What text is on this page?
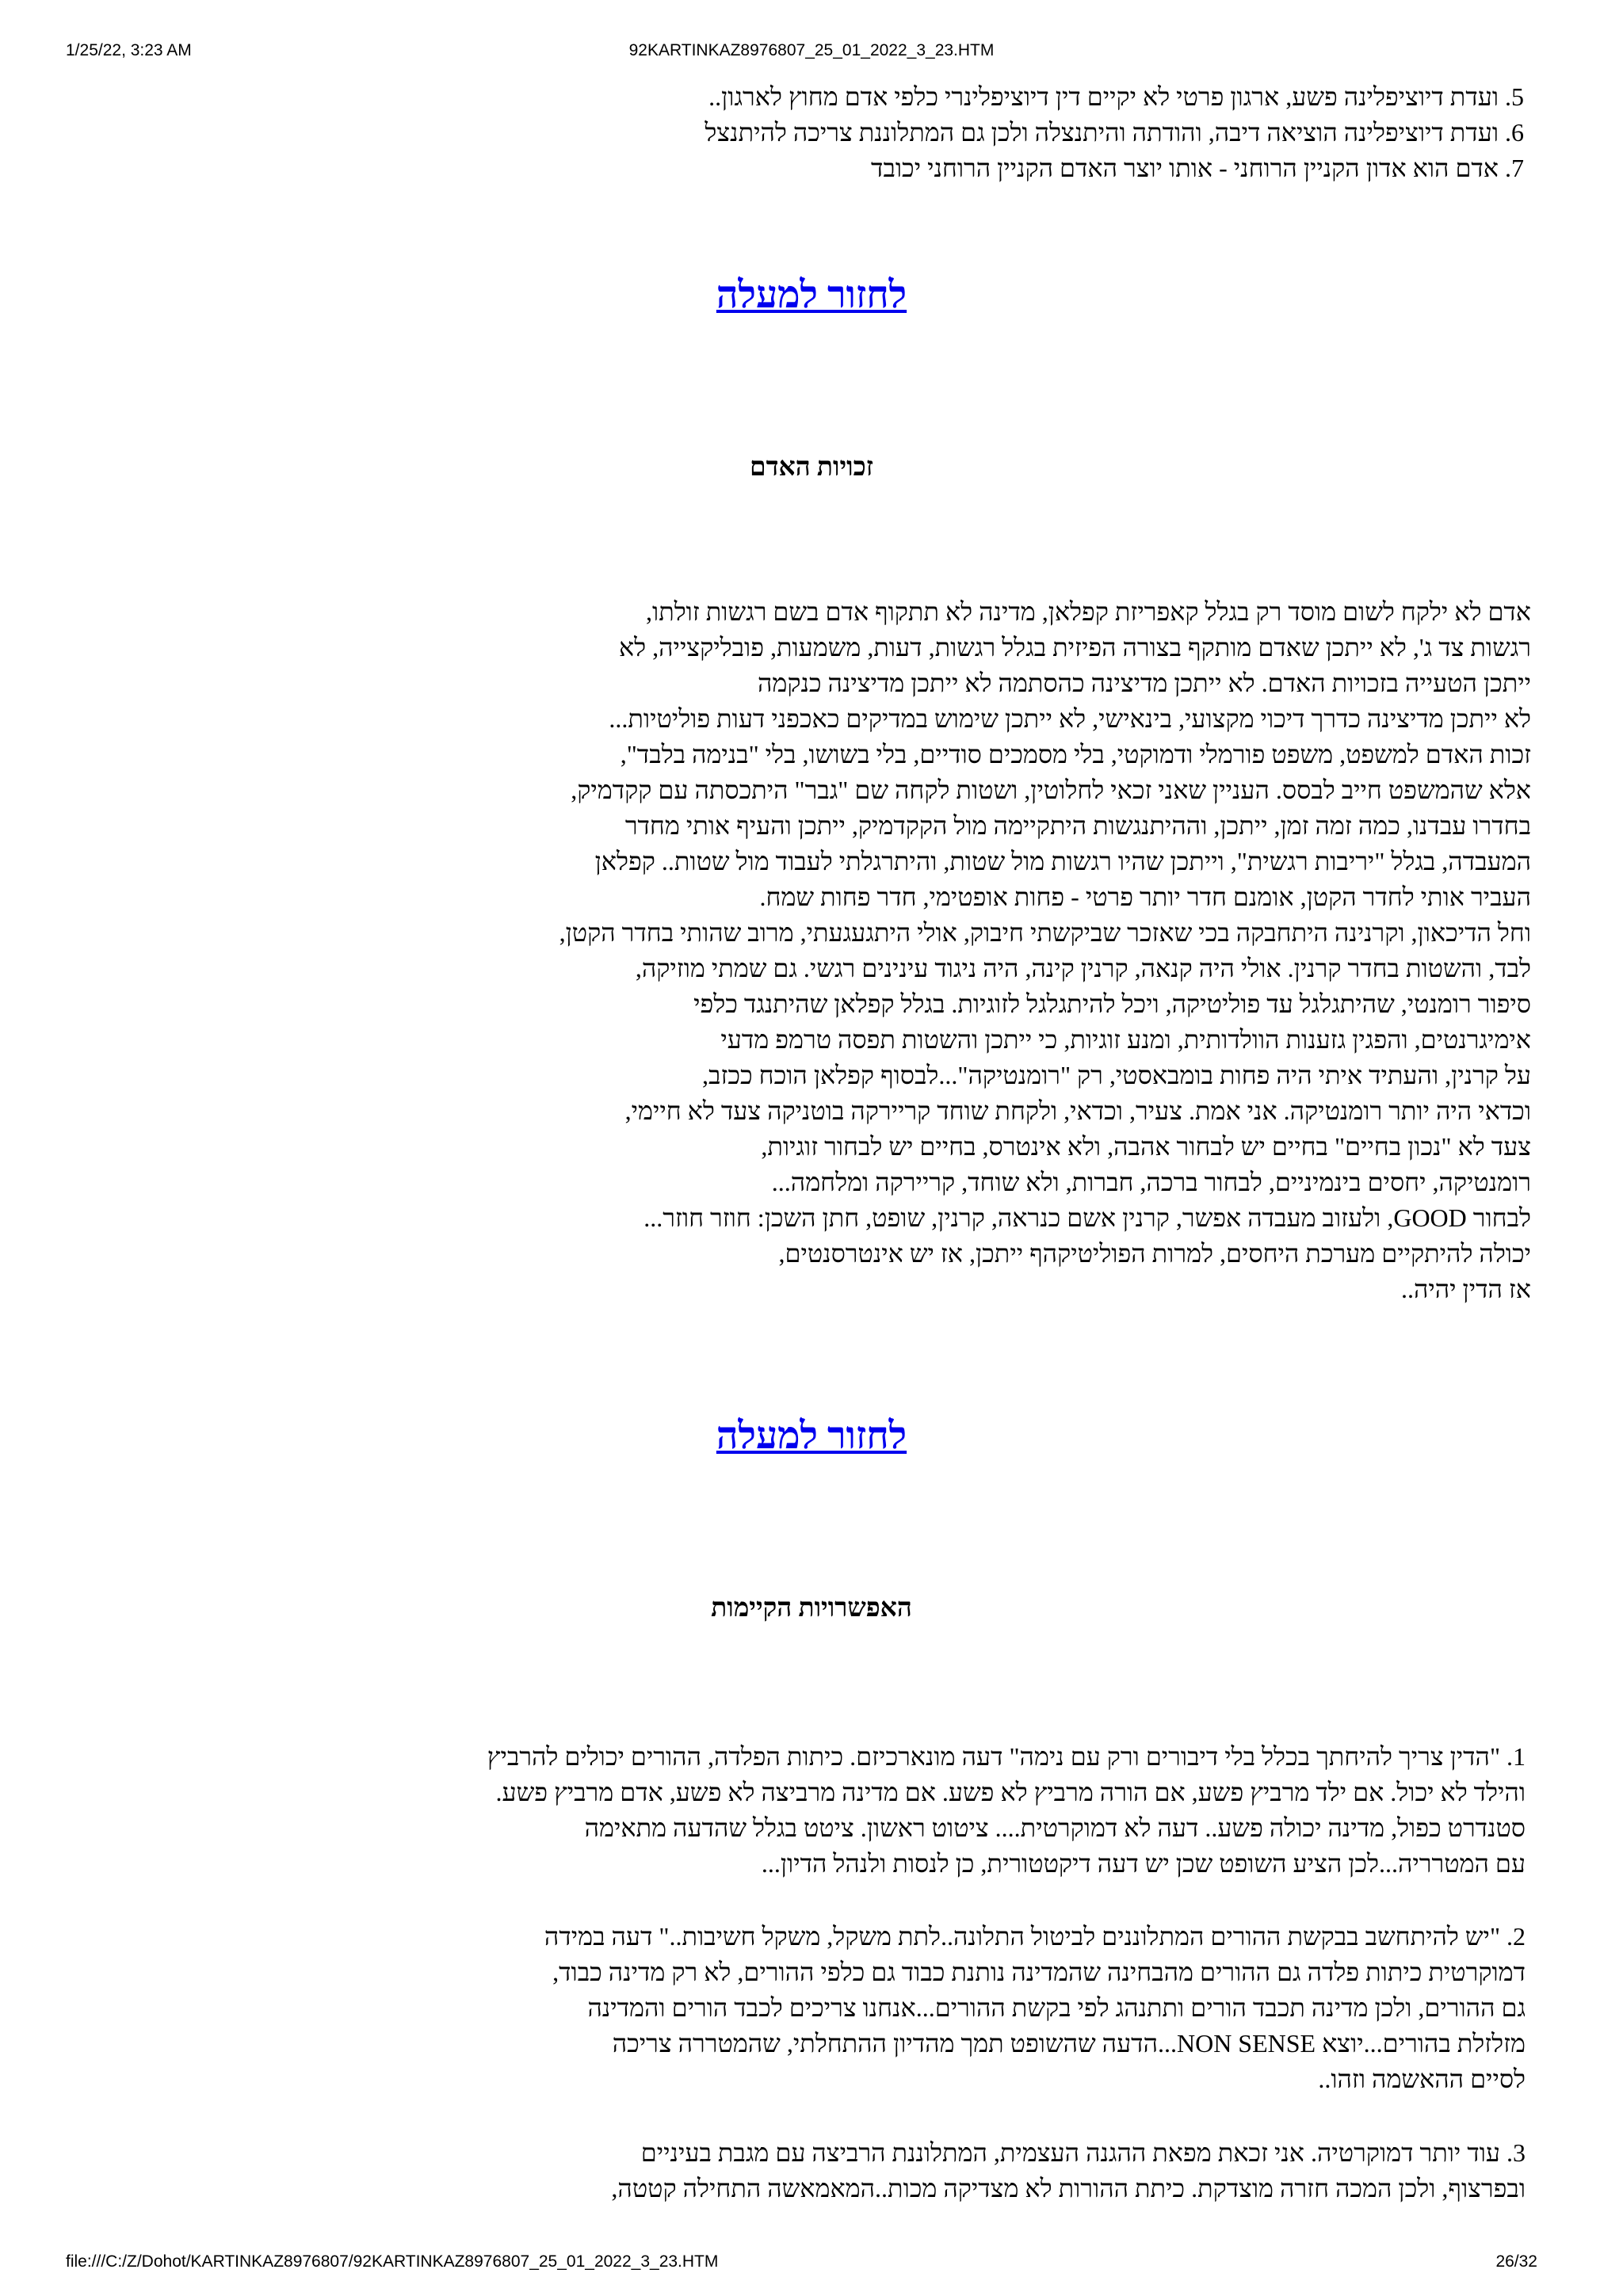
1/25/22, 3:23 AM	92KARTINKAZ8976807_25_01_2022_3_23.HTM
5. ועדת דיוציפלינה פשע, ארגון פרטי לא יקיים דין דיוציפלינרי כלפי אדם מחוץ לארגון..
6. ועדת דיוציפלינה הוציאה דיבה, והודתה והיתנצלה ולכן גם המתלוננת צריכה להיתנצל
7. אדם הוא אדון הקניין הרוחני - אותו יוצר האדם הקניין הרוחני יכובד
לחזור למעלה
זכויות האדם
אדם לא ילקח לשום מוסד רק בגלל קאפריזת קפלאן, מדינה לא תתקוף אדם בשם רגשות זולתו,
רגשות צד ג', לא ייתכן שאדם מותקף בצורה הפיזית בגלל רגשות, דעות, משמעות, פובליקצייה, לא
ייתכן הטעייה בזכויות האדם. לא ייתכן מדיצינה כהסתמה לא ייתכן מדיצינה כנקמה
לא ייתכן מדיצינה כדרך דיכוי מקצועי, בינאישי, לא ייתכן שימוש במדיקים כאכפני דעות פוליטיות...
זכות האדם למשפט, משפט פורמלי ודמוקטי, בלי מסמכים סודיים, בלי בשושו, בלי "בנימה בלבד",
אלא שהמשפט חייב לבסס. העניין שאני זכאי לחלוטין, ושטות לקחה שם "גבר" היתכסתה עם קקדמיק,
בחדרו עבדנו, כמה זמה זמן, ייתכן, וההיתנגשות היתקיימה מול הקקדמיק, ייתכן והעיף אותי מחדר
המעבדה, בגלל "יריבות רגשית", וייתכן שהיו רגשות מול שטות, והיתרגלתי לעבוד מול שטות.. קפלאן
העביר אותי לחדר הקטן, אומנם חדר יותר פרטי - פחות אופטימי, חדר פחות שמח.
וחל הדיכאון, וקרנינה היתחבקה בכי שאזכר שביקשתי חיבוק, אולי היתגעגעתי, מרוב שהותי בחדר הקטן,
לבד, והשטות בחדר קרנין. אולי היה קנאה, קרנין קינה, היה ניגוד עינינים רגשי. גם שמתי מוזיקה,
סיפור רומנטי, שהיתגלגל עד פוליטיקה, ויכל להיתגלגל לזוגיות. בגלל קפלאן שהיתנגד כלפי
אימיגרנטים, והפגין גזענות הוולדותית, ומנע זוגיות, כי ייתכן והשטות תפסה טרמפ מדעי
על קרנין, והעתיד איתי היה פחות בומבאסטי, רק "רומנטיקה"...לבסוף קפלאן הוכח ככזב,
וכדאי היה יותר רומנטיקה. אני אמת. צעיר, וכדאי, ולקחת שוחד קריירקה בוטניקה צעד לא חיימי,
צעד לא "נכון בחיים" בחיים יש לבחור אהבה, ולא אינטרס, בחיים יש לבחור זוגיות,
רומנטיקה, יחסים בינמיניים, לבחור ברכה, חברות, ולא שוחד, קריירקה ומלחמה...
לבחור GOOD, ולעזוב מעבדה אפשר, קרנין אשם כנראה, קרנין, שופט, חתן השכן: חוזר חוזר...
יכולה להיתקיים מערכת היחסים, למרות הפוליטיקהף ייתכן, אז יש אינטרסנטים,
אז הדין יהיה..
לחזור למעלה
האפשרויות הקיימות
1. "הדין צריך להיחתך בכלל בלי דיבורים ורק עם נימה" דעה מונארכיזם. כיתות הפלדה, ההורים יכולים להרביץ
והילד לא יכול. אם ילד מרביץ פשע, אם הורה מרביץ לא פשע. אם מדינה מרביצה לא פשע, אדם מרביץ פשע.
סטנדרט כפול, מדינה יכולה פשע.. דעה לא דמוקרטית.... ציטוט ראשון. ציטט בגלל שהדעה מתאימה
עם המטרריה...לכן הציע השופט שכן יש דעה דיקטטורית, כן לנסות ולנהל הדיון...
2. "יש להיתחשב בבקשת ההורים המתלוננים לביטול התלונה..לתת משקל, משקל חשיבות.." דעה במידה
דמוקרטית כיתות פלדה גם ההורים מהבחינה שהמדינה נותנת כבוד גם כלפי ההורים, לא רק מדינה כבוד,
גם ההורים, ולכן מדינה תכבד הורים ותתנהג לפי בקשת ההורים...אנחנו צריכים לכבד הורים והמדינה
מזלזלת בהורים...יוצא NON SENSE...הדעה שהשופט תמך מהדיון ההתחלתי, שהמטררה צריכה
לסיים ההאשמה וזהו..
3. עוד יותר דמוקרטיה. אני זכאת מפאת ההגנה העצמית, המתלוננת הרביצה עם מגבת בעיניים
ובפרצוף, ולכן המכה חזרה מוצדקת. כיתת ההורות לא מצדיקה מכות..המאמאשה התחילה קטטה,
file:///C:/Z/Dohot/KARTINKAZ8976807/92KARTINKAZ8976807_25_01_2022_3_23.HTM	26/32
